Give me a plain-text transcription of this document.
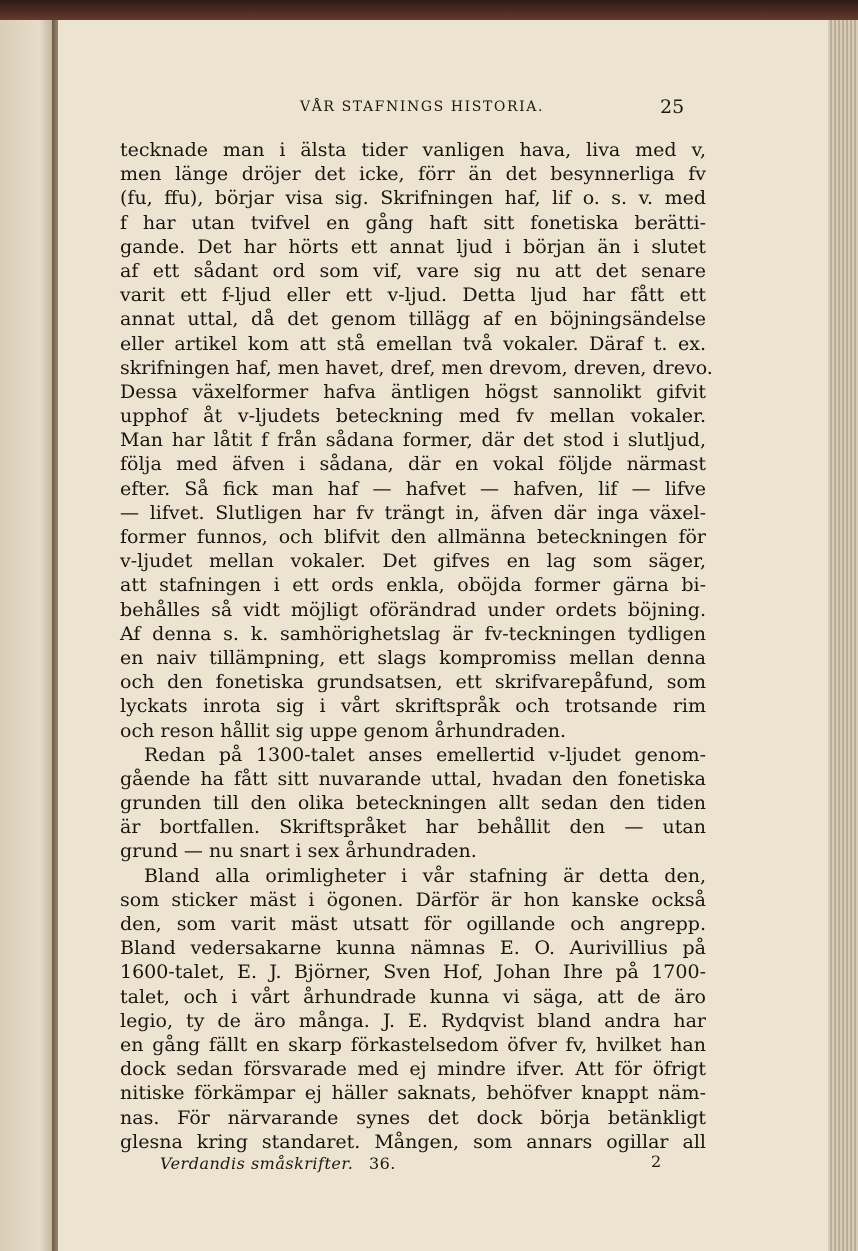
VÅR STAFNINGS HISTORIA.	25
tecknade man i älsta tider vanligen hava, liva med v,
men länge dröjer det icke, förr än det besynnerliga fv
(fu, ffu), börjar visa sig. Skrifningen haf, lif o. s. v. med
f har utan tvifvel en gång haft sitt fonetiska berätti-
gande. Det har hörts ett annat ljud i början än i slutet
af ett sådant ord som vif, vare sig nu att det senare
varit ett f-ljud eller ett v-ljud. Detta ljud har fått ett
annat uttal, då det genom tillägg af en böjningsändelse
eller artikel kom att stå emellan två vokaler. Däraf t. ex.
skrifningen haf, men havet, dref, men drevom, dreven, drevo.
Dessa växelformer hafva äntligen högst sannolikt gifvit
upphof åt v-ljudets beteckning med fv mellan vokaler.
Man har låtit f från sådana former, där det stod i slutljud,
följa med äfven i sådana, där en vokal följde närmast
efter. Så fick man haf — hafvet — hafven, lif — lifve
— lifvet. Slutligen har fv trängt in, äfven där inga växel-
former funnos, och blifvit den allmänna beteckningen för
v-ljudet mellan vokaler. Det gifves en lag som säger,
att stafningen i ett ords enkla, oböjda former gärna bi-
behålles så vidt möjligt oförändrad under ordets böjning.
Af denna s. k. samhörighetslag är fv-teckningen tydligen
en naiv tillämpning, ett slags kompromiss mellan denna
och den fonetiska grundsatsen, ett skrifvarepåfund, som
lyckats inrota sig i vårt skriftspråk och trotsande rim
och reson hållit sig uppe genom århundraden.
Redan på 1300-talet anses emellertid v-ljudet genom-
gående ha fått sitt nuvarande uttal, hvadan den fonetiska
grunden till den olika beteckningen allt sedan den tiden
är bortfallen. Skriftspråket har behållit den — utan
grund — nu snart i sex århundraden.
Bland alla orimligheter i vår stafning är detta den,
som sticker mäst i ögonen. Därför är hon kanske också
den, som varit mäst utsatt för ogillande och angrepp.
Bland vedersakarne kunna nämnas E. O. Aurivillius på
1600-talet, E. J. Björner, Sven Hof, Johan Ihre på 1700-
talet, och i vårt århundrade kunna vi säga, att de äro
legio, ty de äro många. J. E. Rydqvist bland andra har
en gång fällt en skarp förkastelsedom öfver fv, hvilket han
dock sedan försvarade med ej mindre ifver. Att för öfrigt
nitiske förkämpar ej häller saknats, behöfver knappt näm-
nas. För närvarande synes det dock börja betänkligt
glesna kring standaret. Mången, som annars ogillar all
Verdandis småskrifter. 36.	2
